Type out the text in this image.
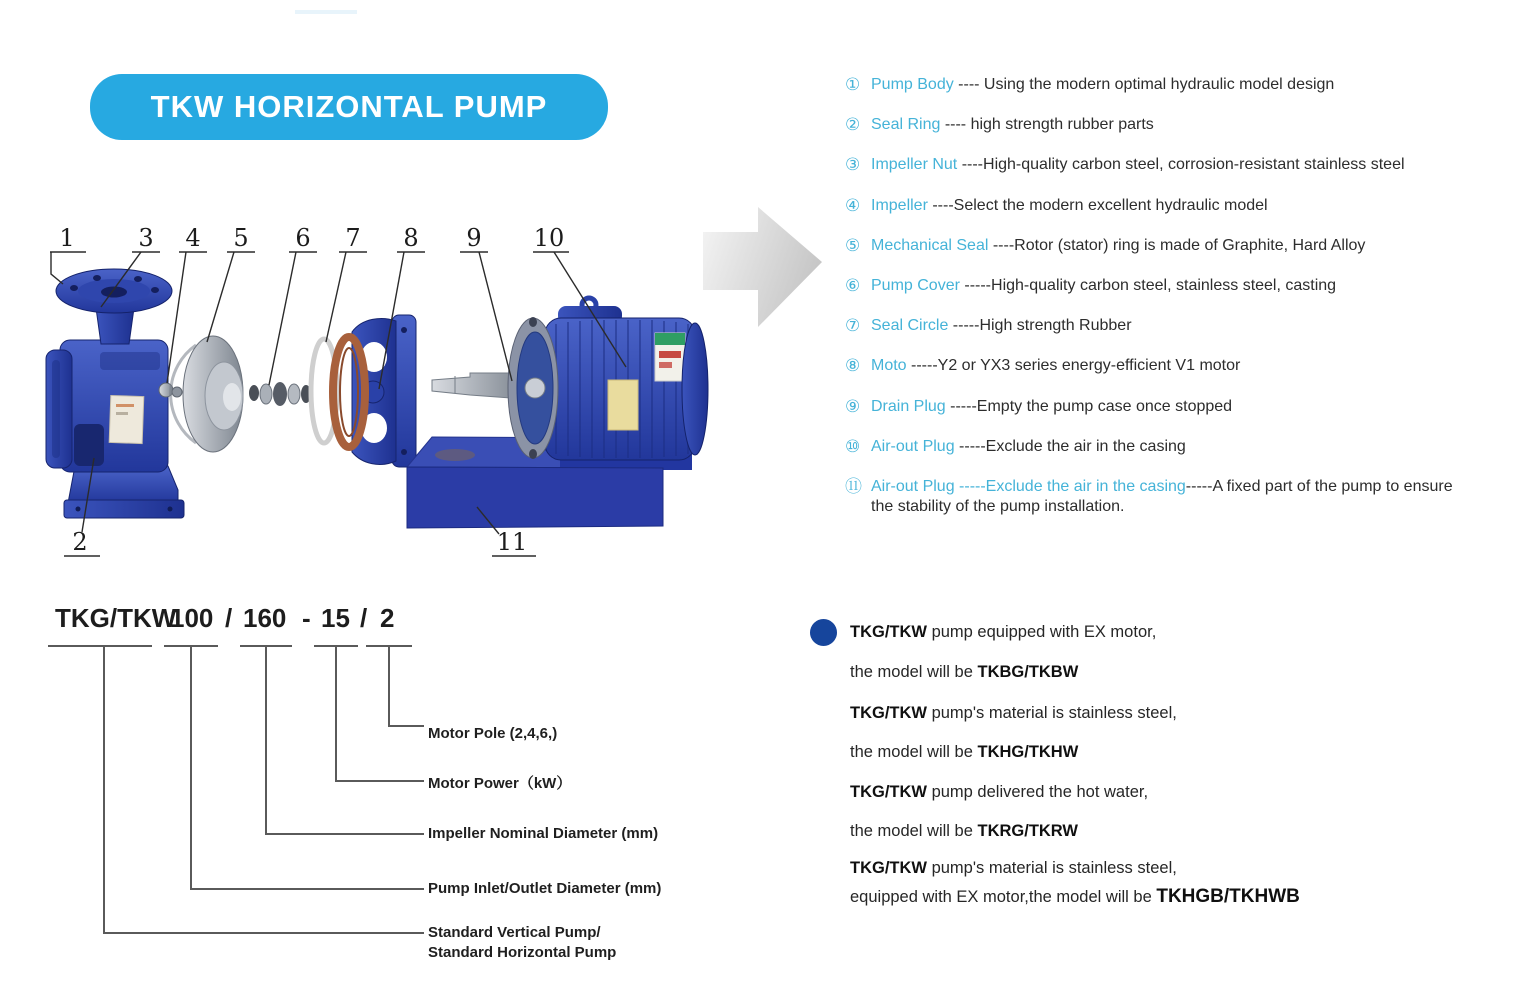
TKW HORIZONTAL PUMP
1	3 4 5 6 7 8 9 10
2	11
① Pump Body ---- Using the modern optimal hydraulic model design
② Seal Ring ---- high strength rubber parts
③ Impeller Nut ----High-quality carbon steel, corrosion-resistant stainless steel
④ Impeller ----Select the modern excellent hydraulic model
⑤ Mechanical Seal ----Rotor (stator) ring is made of Graphite, Hard Alloy
⑥ Pump Cover -----High-quality carbon steel, stainless steel, casting
⑦ Seal Circle -----High strength Rubber
⑧ Moto -----Y2 or YX3 series energy-efficient V1 motor
⑨ Drain Plug -----Empty the pump case once stopped
⑩ Air-out Plug -----Exclude the air in the casing
⑪ Air-out Plug -----Exclude the air in the casing-----A fixed part of the pump to ensure the stability of the pump installation.
TKG/TKW
100 / 160 - 15 / 2
Motor Pole (2,4,6,)
Motor Power（kW）
Impeller Nominal Diameter (mm)
Pump Inlet/Outlet Diameter (mm)
Standard Vertical Pump/
Standard Horizontal Pump
TKG/TKW pump equipped with EX motor,
the model will be TKBG/TKBW
TKG/TKW pump's material is stainless steel,
the model will be TKHG/TKHW
TKG/TKW pump delivered the hot water,
the model will be TKRG/TKRW
TKG/TKW pump's material is stainless steel,
equipped with EX motor,the model will be TKHGB/TKHWB
